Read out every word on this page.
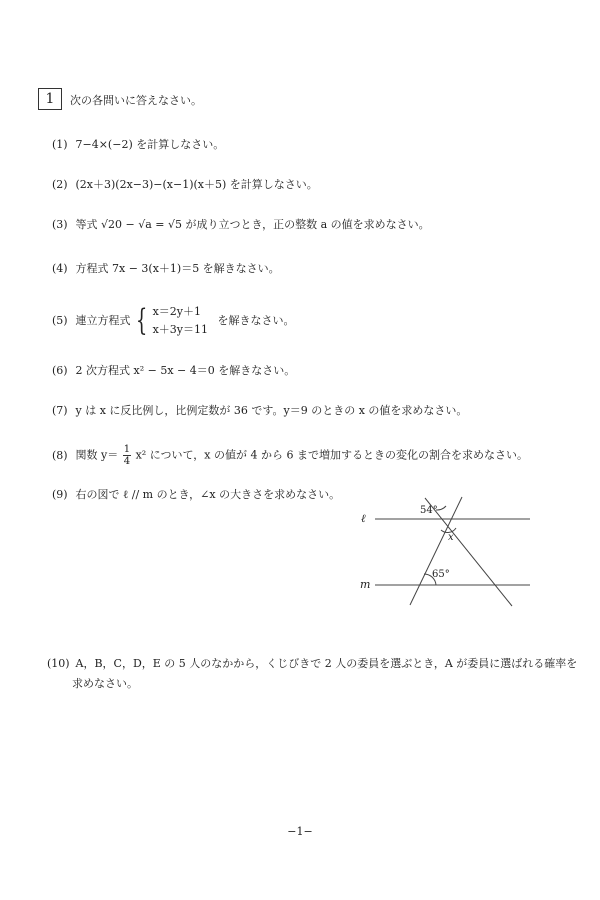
1	次の各問いに答えなさい。
(1) 7−4×(−2) を計算しなさい。
(2) (2x＋3)(2x−3)−(x−1)(x＋5) を計算しなさい。
(3) 等式 √20 − √a = √5 が成り立つとき，正の整数 a の値を求めなさい。
(4) 方程式 7x − 3(x＋1)＝5 を解きなさい。
(5) 連立方程式 { x＝2y＋1
x＋3y＝11
を解きなさい。
(6) 2 次方程式 x² − 5x − 4＝0 を解きなさい。
(7) y は x に反比例し，比例定数が 36 です。y＝9 のときの x の値を求めなさい。
(8) 関数 $y= \frac{1}{4} x^2$ について，x の値が 4 から 6 まで増加するときの変化の割合を求めなさい。
(9) 右の図で ℓ // m のとき，∠x の大きさを求めなさい。
ℓ
m
54°
x
65°
(10) A，B，C，D，E の 5 人のなかから，くじびきで 2 人の委員を選ぶとき，A が委員に選ばれる確率を
求めなさい。
−1−
